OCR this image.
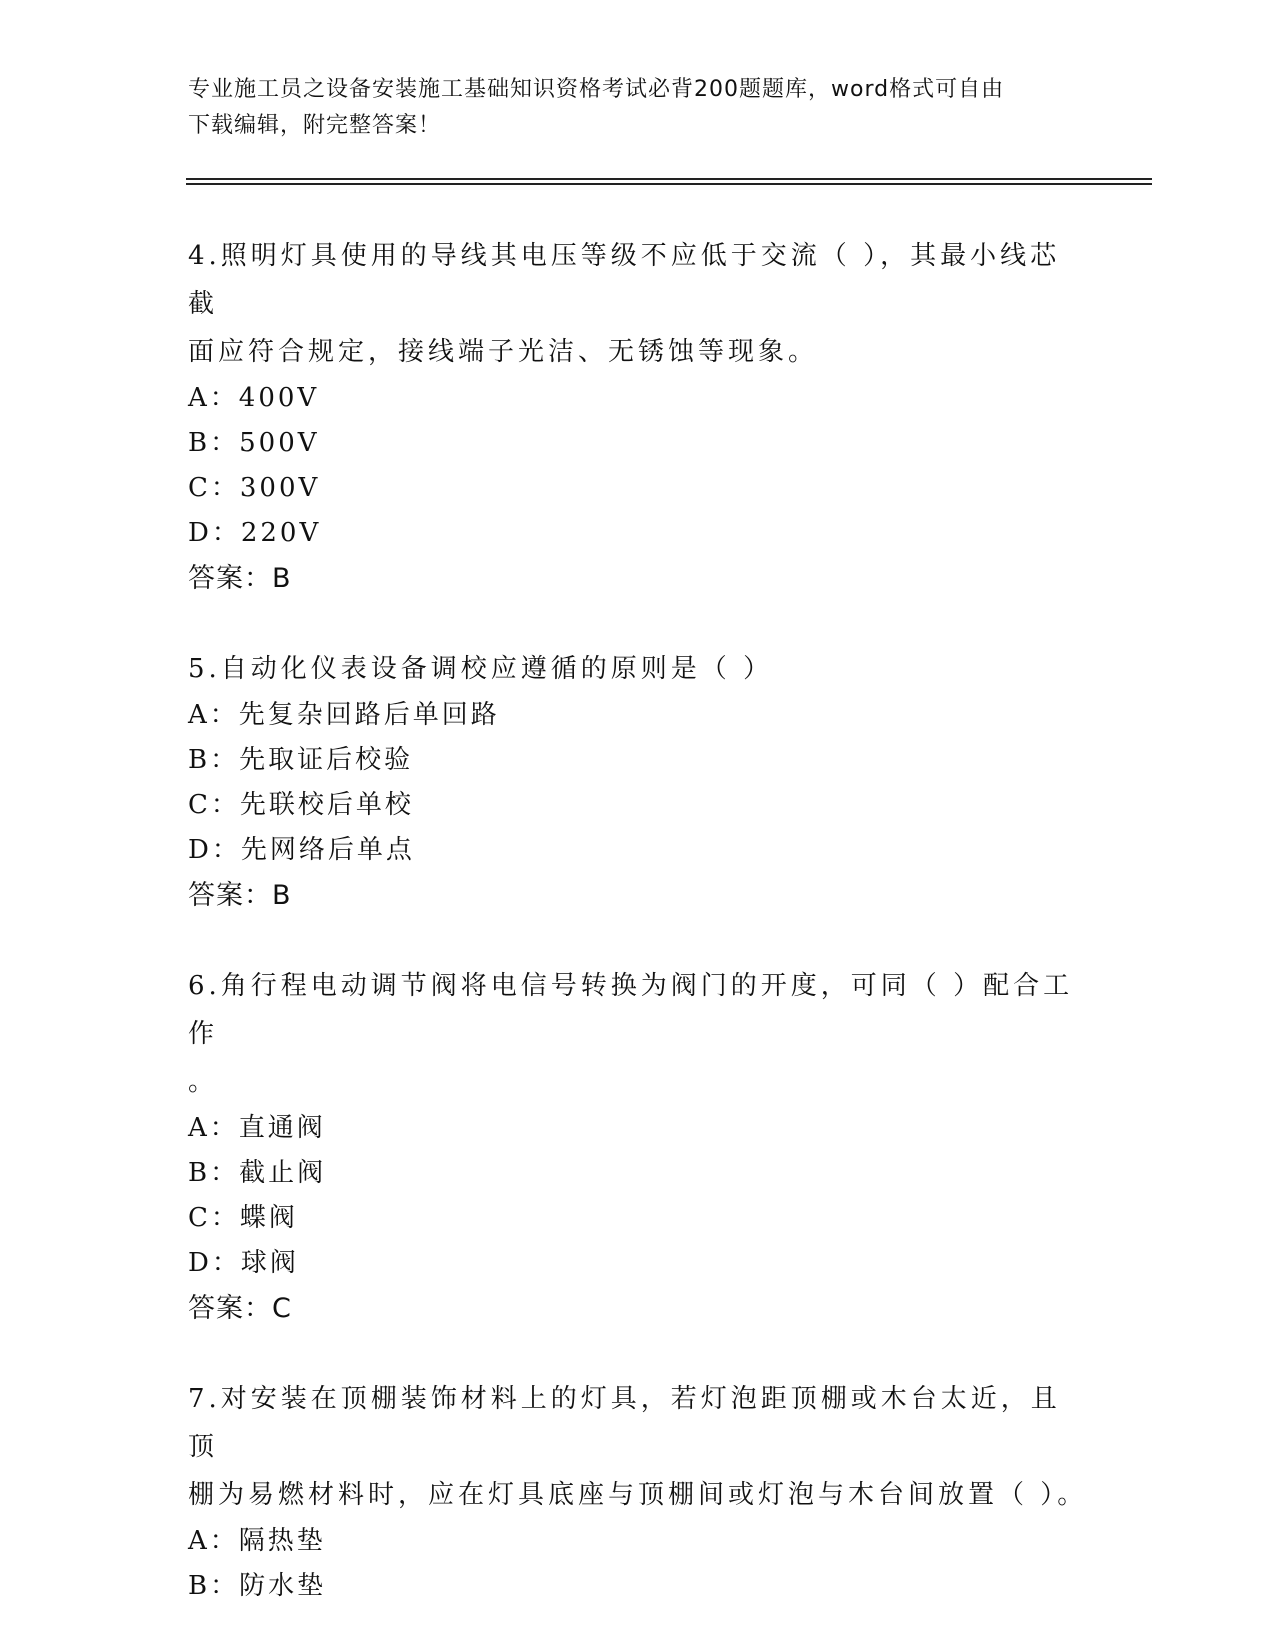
专业施工员之设备安装施工基础知识资格考试必背200题题库，word格式可自由
下载编辑，附完整答案！

4.照明灯具使用的导线其电压等级不应低于交流（ ），其最小线芯截

面应符合规定，接线端子光洁、无锈蚀等现象。

A：400V

B：500V

C：300V

D：220V

答案：B

5.自动化仪表设备调校应遵循的原则是（ ）

A：先复杂回路后单回路

B：先取证后校验

C：先联校后单校

D：先网络后单点

答案：B

6.角行程电动调节阀将电信号转换为阀门的开度，可同（ ）配合工作

。

A：直通阀

B：截止阀

C：蝶阀

D：球阀

答案：C

7.对安装在顶棚装饰材料上的灯具，若灯泡距顶棚或木台太近，且顶

棚为易燃材料时，应在灯具底座与顶棚间或灯泡与木台间放置（ ）。

A：隔热垫

B：防水垫
